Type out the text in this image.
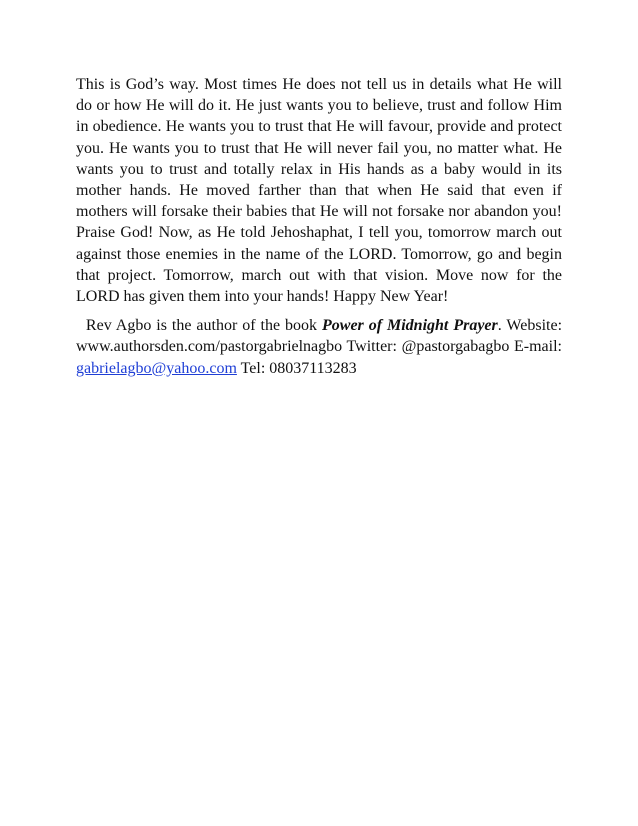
This is God’s way. Most times He does not tell us in details what He will do or how He will do it. He just wants you to believe, trust and follow Him in obedience. He wants you to trust that He will favour, provide and protect you. He wants you to trust that He will never fail you, no matter what. He wants you to trust and totally relax in His hands as a baby would in its mother hands. He moved farther than that when He said that even if mothers will forsake their babies that He will not forsake nor abandon you! Praise God! Now, as He told Jehoshaphat, I tell you, tomorrow march out against those enemies in the name of the LORD. Tomorrow, go and begin that project. Tomorrow, march out with that vision. Move now for the LORD has given them into your hands! Happy New Year!

Rev Agbo is the author of the book Power of Midnight Prayer. Website: www.authorsden.com/pastorgabrielnagbo Twitter: @pastorgabagbo E-mail: gabrielagbo@yahoo.com Tel: 08037113283
